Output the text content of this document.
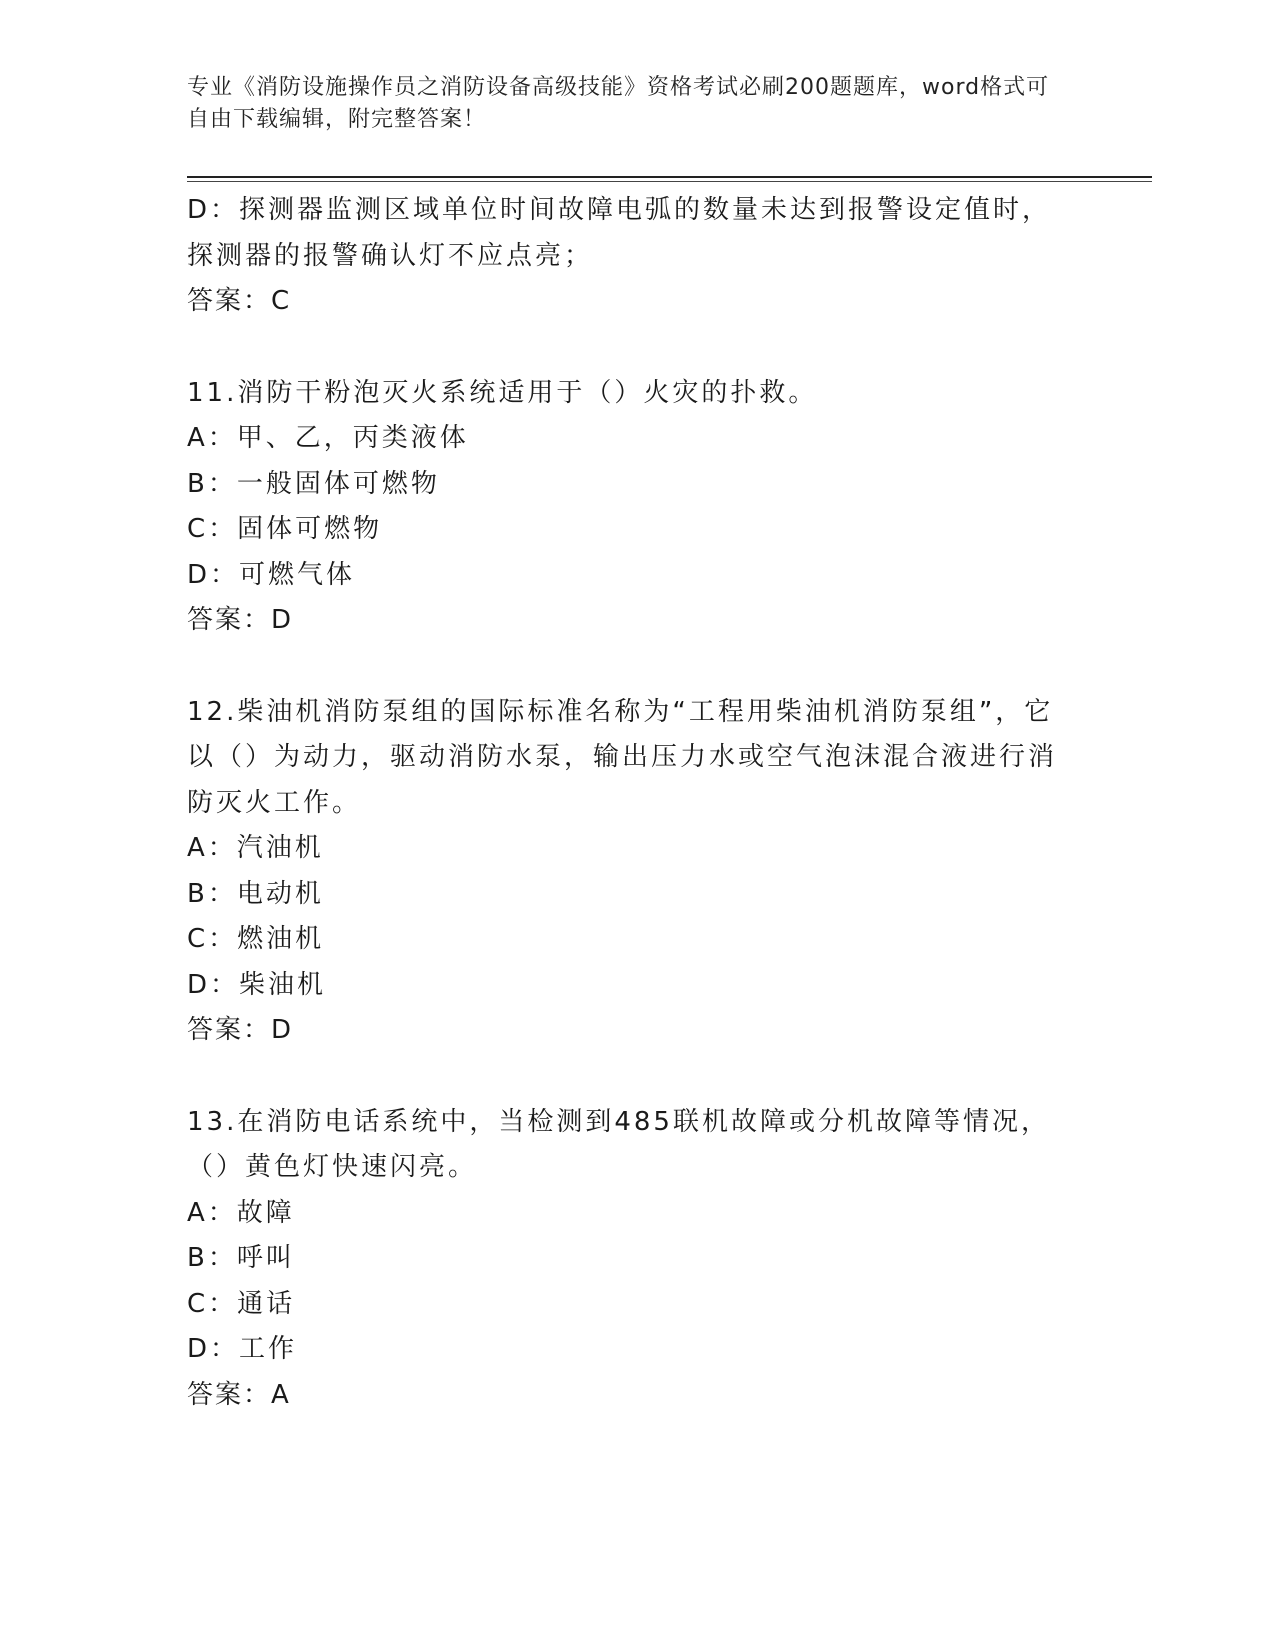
专业《消防设施操作员之消防设备高级技能》资格考试必刷200题题库，word格式可自由下载编辑，附完整答案！
D：探测器监测区域单位时间故障电弧的数量未达到报警设定值时，探测器的报警确认灯不应点亮；
答案：C
11.消防干粉泡灭火系统适用于（）火灾的扑救。
A：甲、乙，丙类液体
B：一般固体可燃物
C：固体可燃物
D：可燃气体
答案：D
12.柴油机消防泵组的国际标准名称为“工程用柴油机消防泵组”，它以（）为动力，驱动消防水泵，输出压力水或空气泡沫混合液进行消防灭火工作。
A：汽油机
B：电动机
C：燃油机
D：柴油机
答案：D
13.在消防电话系统中，当检测到485联机故障或分机故障等情况，（）黄色灯快速闪亮。
A：故障
B：呼叫
C：通话
D：工作
答案：A
